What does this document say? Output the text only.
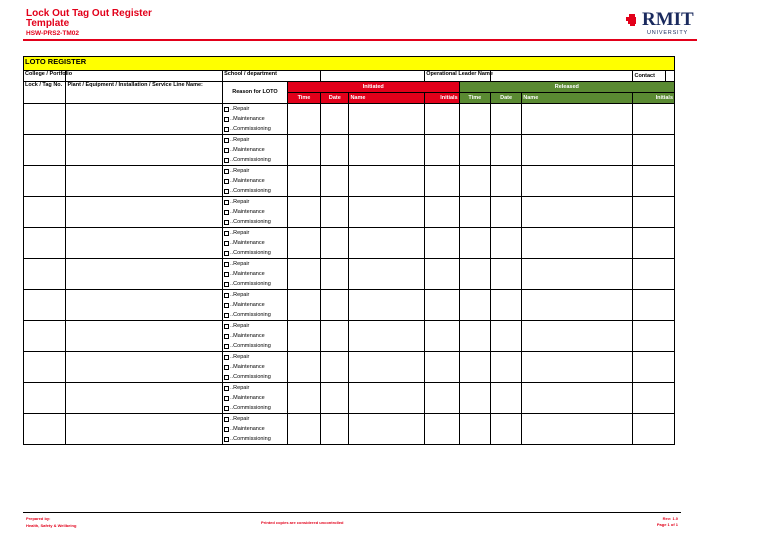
Lock Out Tag Out Register
Template
HSW-PRS2-TM02
RMIT
UNIVERSITY
LOTO REGISTER										
College / Portfolio		School / department				Operational Leader Name				Contact

Lock / Tag No.	Plant / Equipment / Installation / Service Line Name:	Reason for LOTO	Initiated				Released			
			Time	Date	Name	Initials	Time	Date	Name	Initials

		..Repair
..Maintenance
..Commissioning								

		..Repair
..Maintenance
..Commissioning								

		..Repair
..Maintenance
..Commissioning								

		..Repair
..Maintenance
..Commissioning								

		..Repair
..Maintenance
..Commissioning								

		..Repair
..Maintenance
..Commissioning								

		..Repair
..Maintenance
..Commissioning								

		..Repair
..Maintenance
..Commissioning								

		..Repair
..Maintenance
..Commissioning								

		..Repair
..Maintenance
..Commissioning								

		..Repair
..Maintenance
..Commissioning								

Prepared by:
Health, Safety & Wellbeing
Printed copies are considered uncontrolled
Rev: 1.0
Page 1 of 1
